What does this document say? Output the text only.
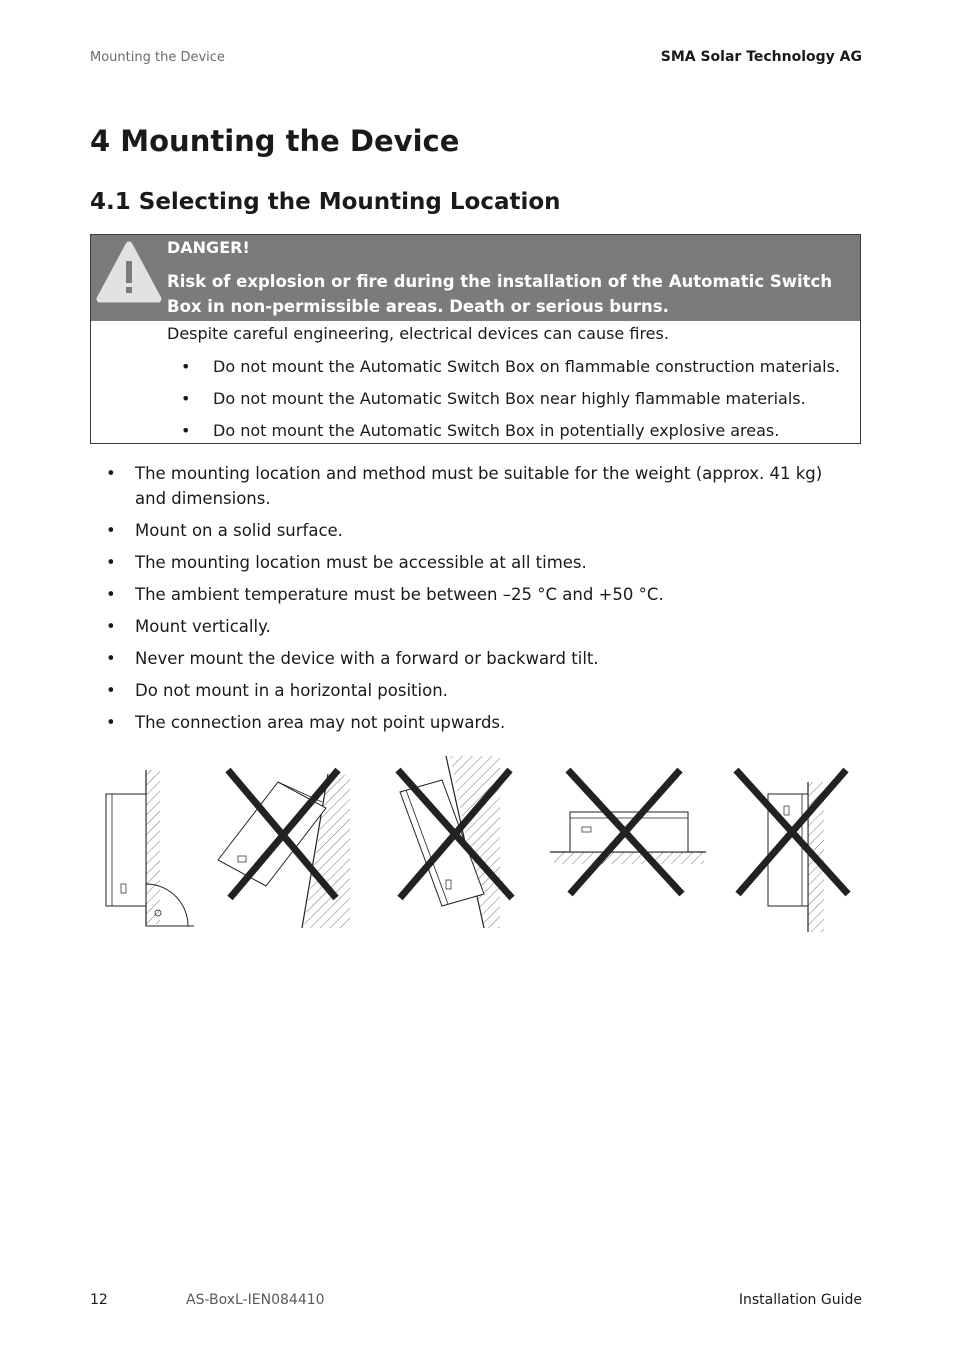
Mounting the Device	SMA Solar Technology AG
4 Mounting the Device
4.1 Selecting the Mounting Location
DANGER!
Risk of explosion or fire during the installation of the Automatic Switch Box in non-permissible areas. Death or serious burns.
Despite careful engineering, electrical devices can cause fires.
• Do not mount the Automatic Switch Box on flammable construction materials.
• Do not mount the Automatic Switch Box near highly flammable materials.
• Do not mount the Automatic Switch Box in potentially explosive areas.
• The mounting location and method must be suitable for the weight (approx. 41 kg) and dimensions.
• Mount on a solid surface.
• The mounting location must be accessible at all times.
• The ambient temperature must be between –25 °C and +50 °C.
• Mount vertically.
• Never mount the device with a forward or backward tilt.
• Do not mount in a horizontal position.
• The connection area may not point upwards.
12	AS-BoxL-IEN084410	Installation Guide
